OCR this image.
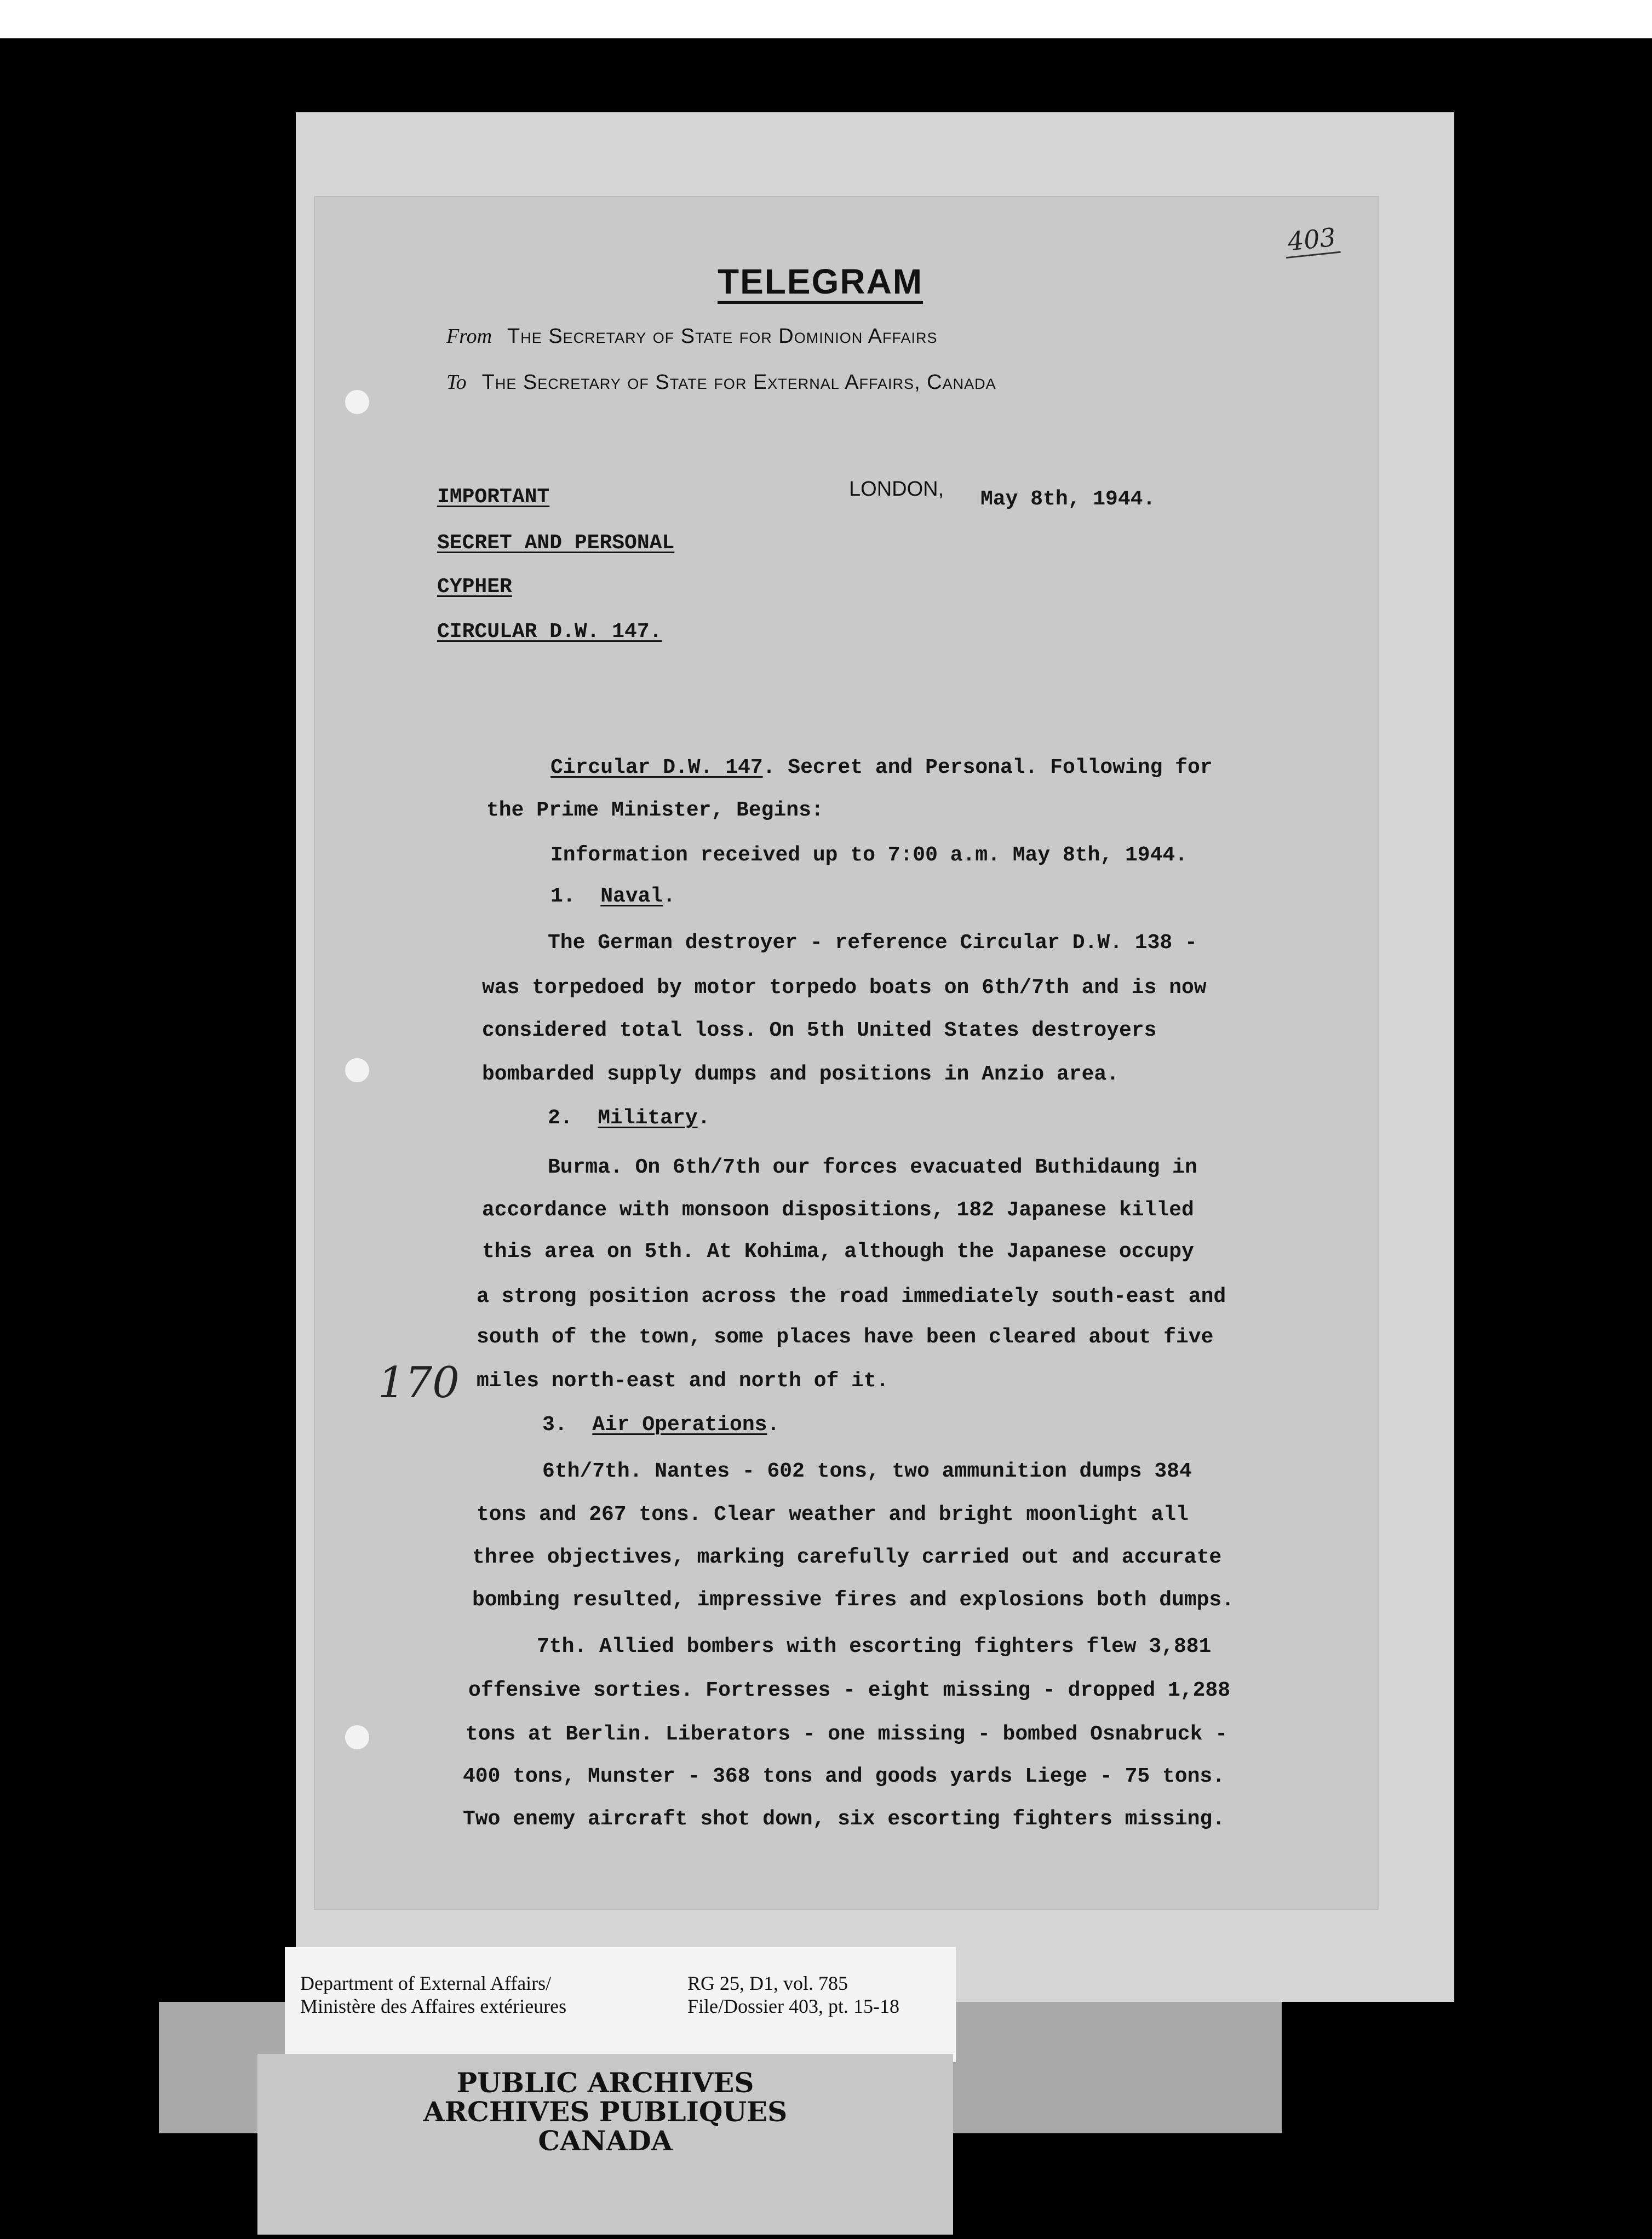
403
TELEGRAM
From The Secretary of State for Dominion Affairs
To The Secretary of State for External Affairs, Canada
IMPORTANT
SECRET AND PERSONAL
CYPHER
CIRCULAR D.W. 147.
LONDON, May 8th, 1944.
Circular D.W. 147. Secret and Personal. Following for
the Prime Minister, Begins:
Information received up to 7:00 a.m. May 8th, 1944.
1. Naval.
The German destroyer - reference Circular D.W. 138 -
was torpedoed by motor torpedo boats on 6th/7th and is now
considered total loss. On 5th United States destroyers
bombarded supply dumps and positions in Anzio area.
2. Military.
Burma. On 6th/7th our forces evacuated Buthidaung in
accordance with monsoon dispositions, 182 Japanese killed
this area on 5th. At Kohima, although the Japanese occupy
a strong position across the road immediately south-east and
south of the town, some places have been cleared about five
miles north-east and north of it.
170
3. Air Operations.
6th/7th. Nantes - 602 tons, two ammunition dumps 384
tons and 267 tons. Clear weather and bright moonlight all
three objectives, marking carefully carried out and accurate
bombing resulted, impressive fires and explosions both dumps.
7th. Allied bombers with escorting fighters flew 3,881
offensive sorties. Fortresses - eight missing - dropped 1,288
tons at Berlin. Liberators - one missing - bombed Osnabruck -
400 tons, Munster - 368 tons and goods yards Liege - 75 tons.
Two enemy aircraft shot down, six escorting fighters missing.
Department of External Affairs/
Ministère des Affaires extérieures
RG 25, D1, vol. 785
File/Dossier 403, pt. 15-18
PUBLIC ARCHIVES
ARCHIVES PUBLIQUES
CANADA
